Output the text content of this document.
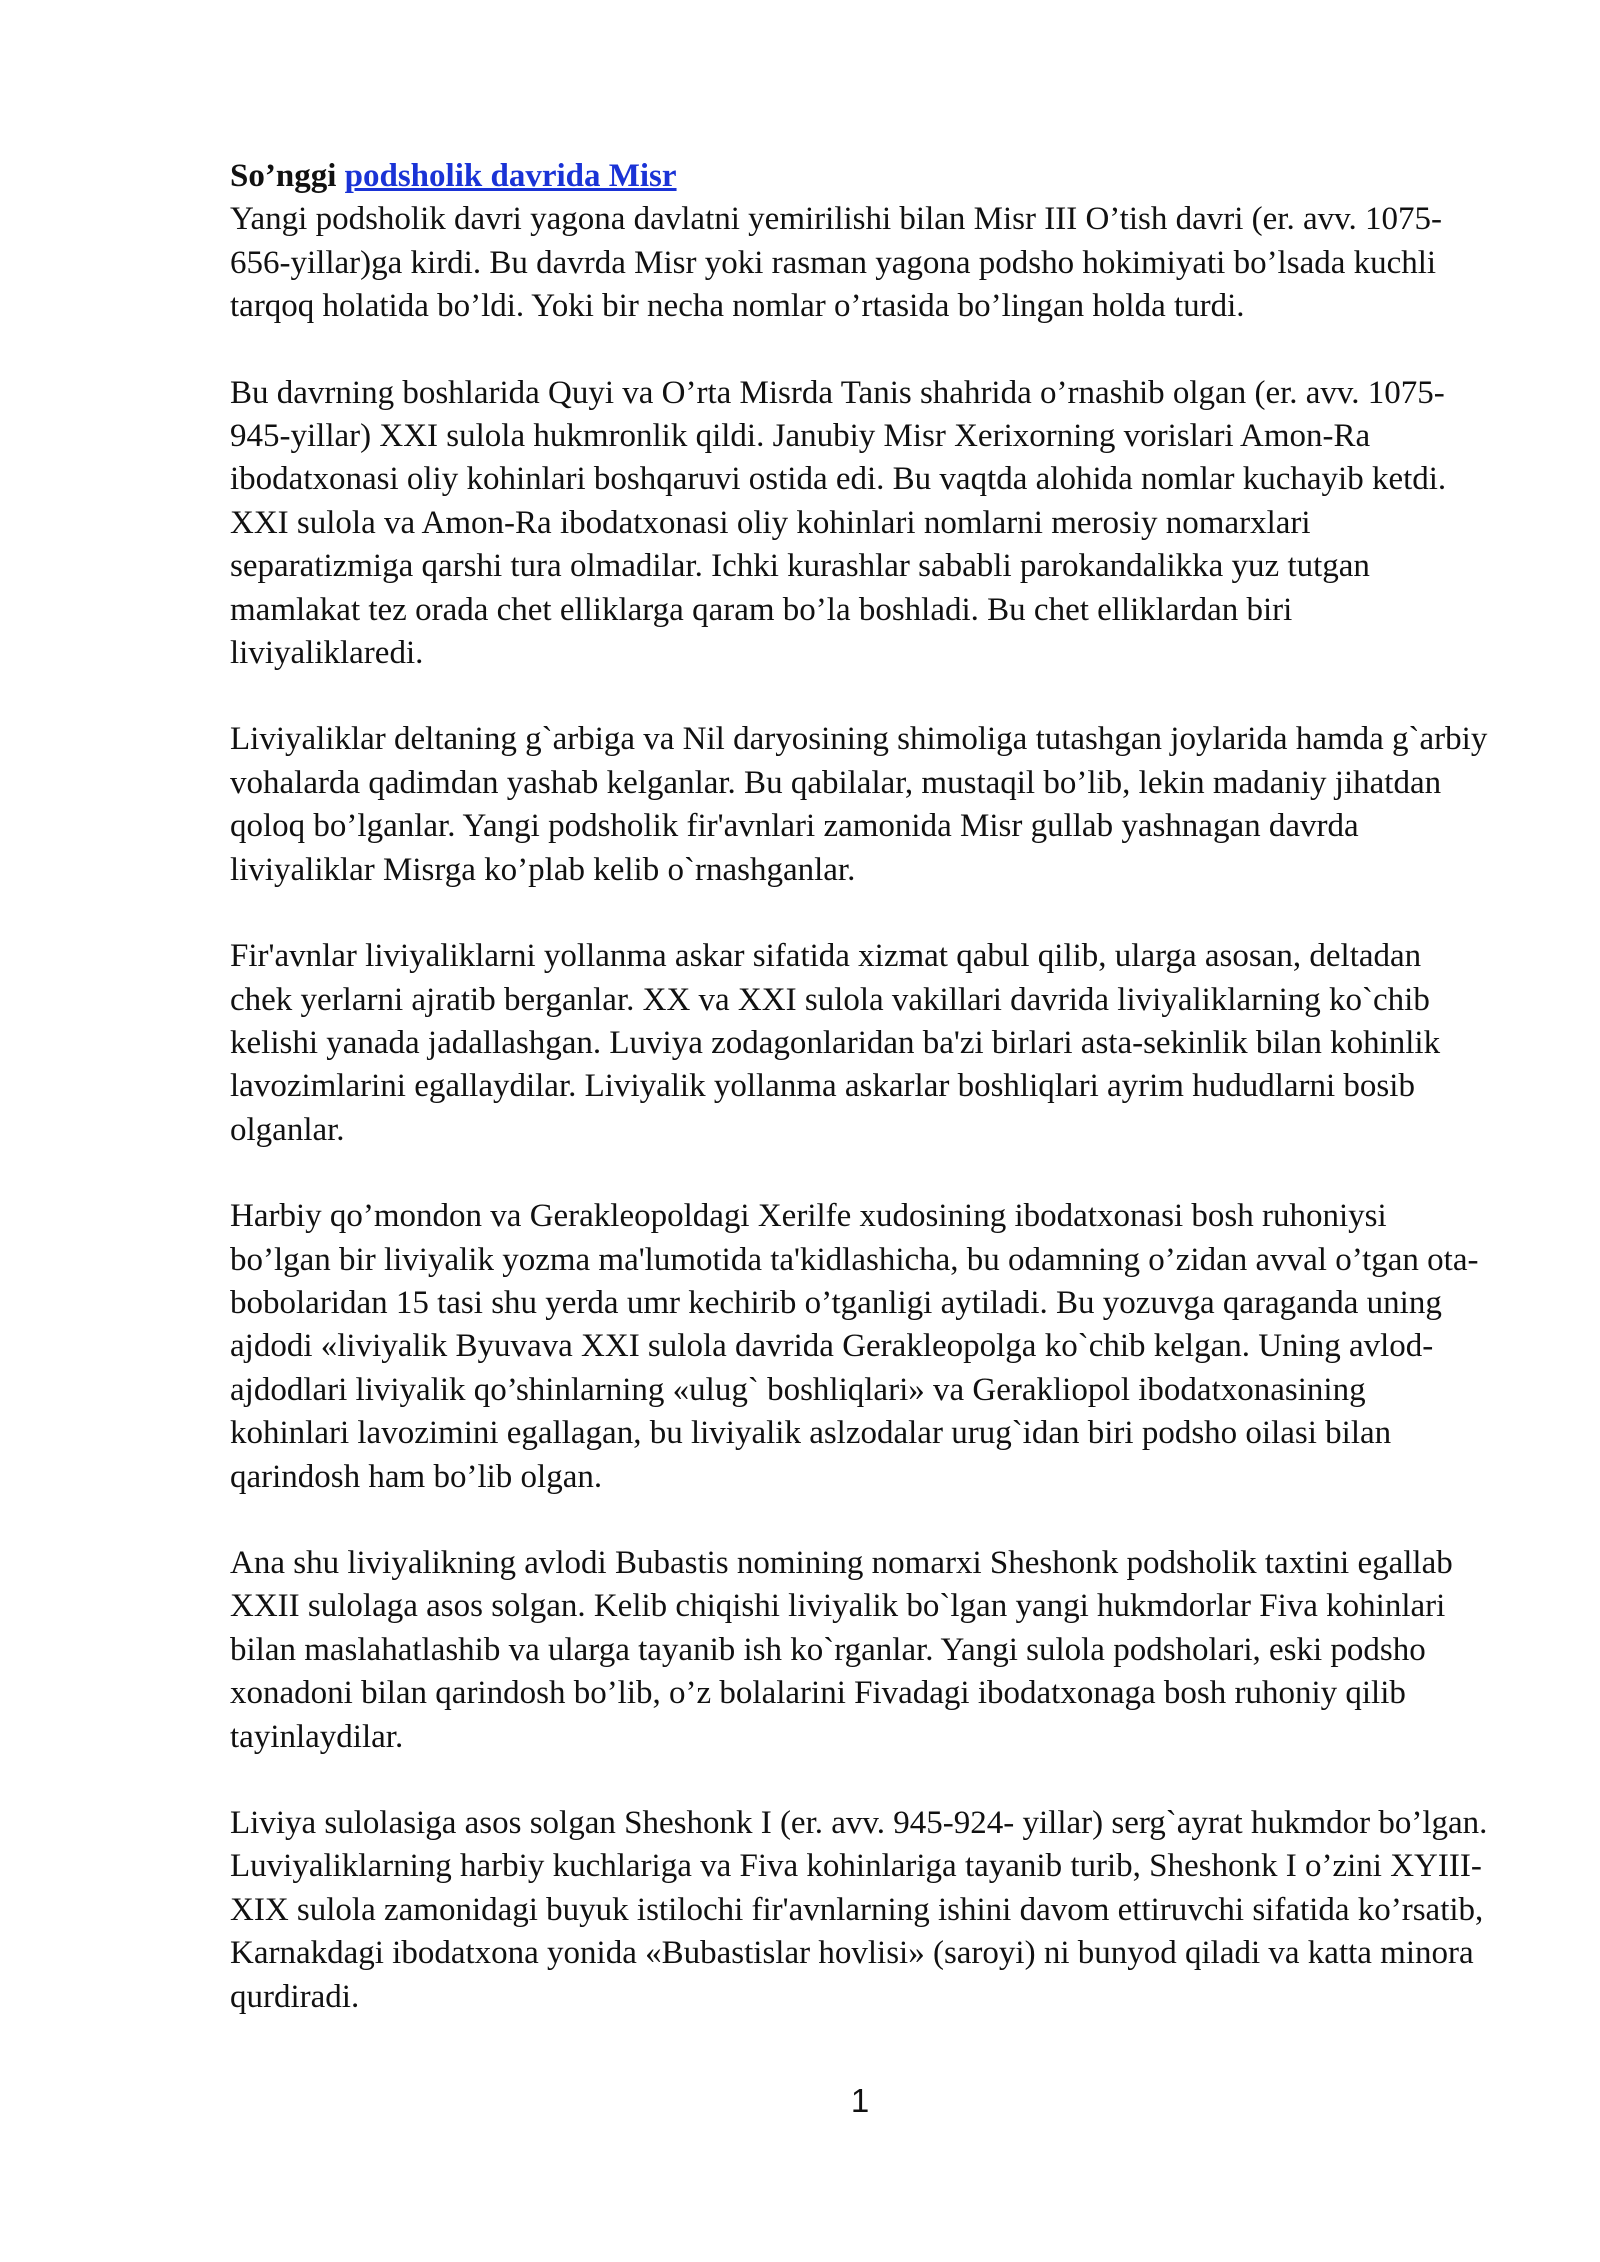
So’nggi podsholik davrida Misr

Yangi podsholik davri yagona davlatni yemirilishi bilan Misr III O’tish davri (er. avv. 1075-656-yillar)ga kirdi. Bu davrda Misr yoki rasman yagona podsho hokimiyati bo’lsada kuchli tarqoq holatida bo’ldi. Yoki bir necha nomlar o’rtasida bo’lingan holda turdi.

Bu davrning boshlarida Quyi va O’rta Misrda Tanis shahrida o’rnashib olgan (er. avv. 1075-945-yillar) XXI sulola hukmronlik qildi. Janubiy Misr Xerixorning vorislari Amon-Ra ibodatxonasi oliy kohinlari boshqaruvi ostida edi. Bu vaqtda alohida nomlar kuchayib ketdi. XXI sulola va Amon-Ra ibodatxonasi oliy kohinlari nomlarni merosiy nomarxlari separatizmiga qarshi tura olmadilar. Ichki kurashlar sababli parokandalikka yuz tutgan mamlakat tez orada chet elliklarga qaram bo’la boshladi. Bu chet elliklardan biri liviyaliklaredi.

Liviyaliklar deltaning g`arbiga va Nil daryosining shimoliga tutashgan joylarida hamda g`arbiy vohalarda qadimdan yashab kelganlar. Bu qabilalar, mustaqil bo’lib, lekin madaniy jihatdan qoloq bo’lganlar. Yangi podsholik fir'avnlari zamonida Misr gullab yashnagan davrda liviyaliklar Misrga ko’plab kelib o`rnashganlar.

Fir'avnlar liviyaliklarni yollanma askar sifatida xizmat qabul qilib, ularga asosan, deltadan chek yerlarni ajratib berganlar. XX va XXI sulola vakillari davrida liviyaliklarning ko`chib kelishi yanada jadallashgan. Luviya zodagonlaridan ba'zi birlari asta-sekinlik bilan kohinlik lavozimlarini egallaydilar. Liviyalik yollanma askarlar boshliqlari ayrim hududlarni bosib olganlar.

Harbiy qo’mondon va Gerakleopoldagi Xerilfe xudosining ibodatxonasi bosh ruhoniysi bo’lgan bir liviyalik yozma ma'lumotida ta'kidlashicha, bu odamning o’zidan avval o’tgan ota-bobolaridan 15 tasi shu yerda umr kechirib o’tganligi aytiladi. Bu yozuvga qaraganda uning ajdodi «liviyalik Byuvava XXI sulola davrida Gerakleopolga ko`chib kelgan. Uning avlod-ajdodlari liviyalik qo’shinlarning «ulug` boshliqlari» va Gerakliopol ibodatxonasining kohinlari lavozimini egallagan, bu liviyalik aslzodalar urug`idan biri podsho oilasi bilan qarindosh ham bo’lib olgan.

Ana shu liviyalikning avlodi Bubastis nomining nomarxi Sheshonk podsholik taxtini egallab XXII sulolaga asos solgan. Kelib chiqishi liviyalik bo`lgan yangi hukmdorlar Fiva kohinlari bilan maslahatlashib va ularga tayanib ish ko`rganlar. Yangi sulola podsholari, eski podsho xonadoni bilan qarindosh bo’lib, o’z bolalarini Fivadagi ibodatxonaga bosh ruhoniy qilib tayinlaydilar.

Liviya sulolasiga asos solgan Sheshonk I (er. avv. 945-924- yillar) serg`ayrat hukmdor bo’lgan. Luviyaliklarning harbiy kuchlariga va Fiva kohinlariga tayanib turib, Sheshonk I o’zini XYIII-XIX sulola zamonidagi buyuk istilochi fir'avnlarning ishini davom ettiruvchi sifatida ko’rsatib, Karnakdagi ibodatxona yonida «Bubastislar hovlisi» (saroyi) ni bunyod qiladi va katta minora qurdiradi.

1
